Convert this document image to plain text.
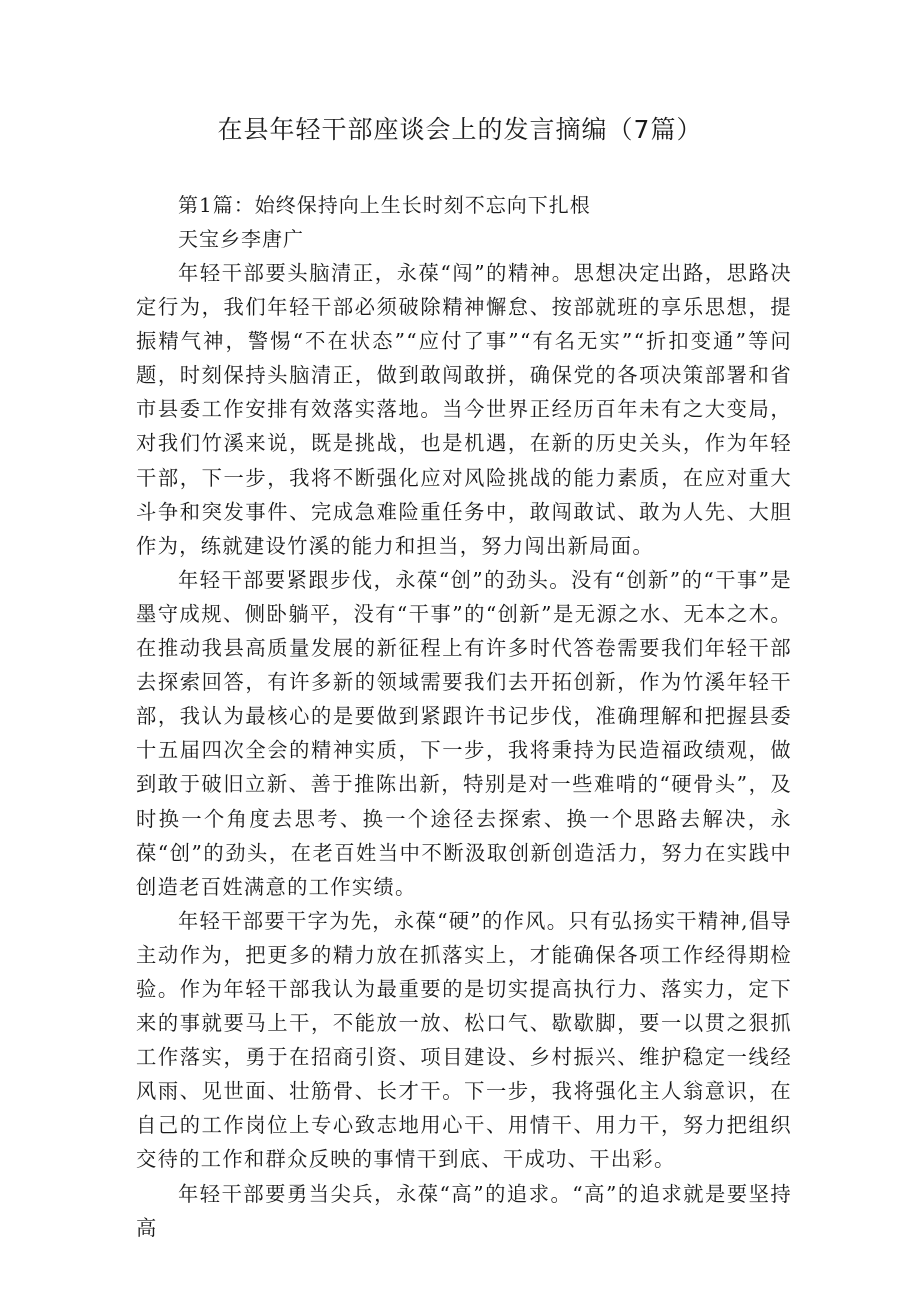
在县年轻干部座谈会上的发言摘编（7篇）
第1篇：始终保持向上生长时刻不忘向下扎根

天宝乡李唐广

年轻干部要头脑清正，永葆“闯”的精神。思想决定出路，思路决定行为，我们年轻干部必须破除精神懈怠、按部就班的享乐思想，提振精气神，警惕“不在状态”“应付了事”“有名无实”“折扣变通”等问题，时刻保持头脑清正，做到敢闯敢拼，确保党的各项决策部署和省市县委工作安排有效落实落地。当今世界正经历百年未有之大变局，对我们竹溪来说，既是挑战，也是机遇，在新的历史关头，作为年轻干部，下一步，我将不断强化应对风险挑战的能力素质，在应对重大斗争和突发事件、完成急难险重任务中，敢闯敢试、敢为人先、大胆作为，练就建设竹溪的能力和担当，努力闯出新局面。

年轻干部要紧跟步伐，永葆“创”的劲头。没有“创新”的“干事”是墨守成规、侧卧躺平，没有“干事”的“创新”是无源之水、无本之木。在推动我县高质量发展的新征程上有许多时代答卷需要我们年轻干部去探索回答，有许多新的领域需要我们去开拓创新，作为竹溪年轻干部，我认为最核心的是要做到紧跟许书记步伐，准确理解和把握县委十五届四次全会的精神实质，下一步，我将秉持为民造福政绩观，做到敢于破旧立新、善于推陈出新，特别是对一些难啃的“硬骨头”，及时换一个角度去思考、换一个途径去探索、换一个思路去解决，永葆“创”的劲头，在老百姓当中不断汲取创新创造活力，努力在实践中创造老百姓满意的工作实绩。

年轻干部要干字为先，永葆“硬”的作风。只有弘扬实干精神,倡导主动作为，把更多的精力放在抓落实上，才能确保各项工作经得期检验。作为年轻干部我认为最重要的是切实提高执行力、落实力，定下来的事就要马上干，不能放一放、松口气、歇歇脚，要一以贯之狠抓工作落实，勇于在招商引资、项目建设、乡村振兴、维护稳定一线经风雨、见世面、壮筋骨、长才干。下一步，我将强化主人翁意识，在自己的工作岗位上专心致志地用心干、用情干、用力干，努力把组织交待的工作和群众反映的事情干到底、干成功、干出彩。

年轻干部要勇当尖兵，永葆“高”的追求。“高”的追求就是要坚持高
